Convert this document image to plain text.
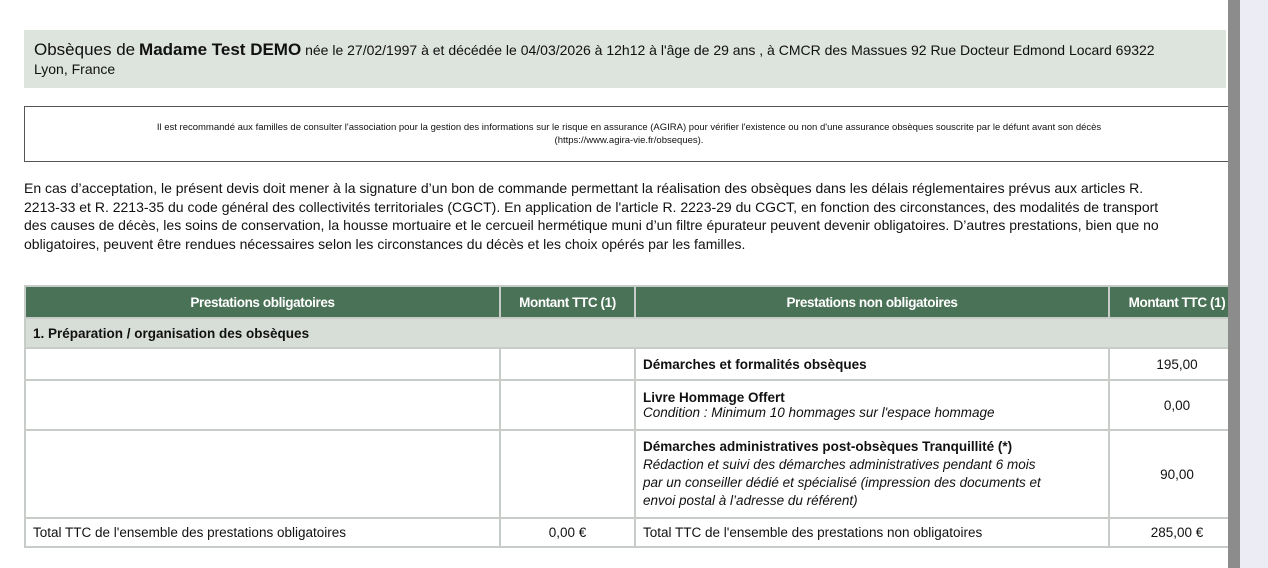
Obsèques de Madame Test DEMO née le 27/02/1997 à et décédée le 04/03/2026 à 12h12 à l'âge de 29 ans , à CMCR des Massues 92 Rue Docteur Edmond Locard 69322
Lyon, France
Il est recommandé aux familles de consulter l'association pour la gestion des informations sur le risque en assurance (AGIRA) pour vérifier l'existence ou non d'une assurance obsèques souscrite par le défunt avant son décès
(https://www.agira-vie.fr/obseques).
En cas d’acceptation, le présent devis doit mener à la signature d’un bon de commande permettant la réalisation des obsèques dans les délais réglementaires prévus aux articles R.
2213-33 et R. 2213-35 du code général des collectivités territoriales (CGCT). En application de l'article R. 2223-29 du CGCT, en fonction des circonstances, des modalités de transport
des causes de décès, les soins de conservation, la housse mortuaire et le cercueil hermétique muni d’un filtre épurateur peuvent devenir obligatoires. D’autres prestations, bien que no
obligatoires, peuvent être rendues nécessaires selon les circonstances du décès et les choix opérés par les familles.
Prestations obligatoires	Montant TTC (1)	Prestations non obligatoires	Montant TTC (1)
1. Préparation / organisation des obsèques			
		Démarches et formalités obsèques	195,00

		Livre Hommage Offert
Condition : Minimum 10 hommages sur l'espace hommage	0,00

		Démarches administratives post-obsèques Tranquillité (*)
Rédaction et suivi des démarches administratives pendant 6 mois
par un conseiller dédié et spécialisé (impression des documents et
envoi postal à l’adresse du référent)	90,00
Total TTC de l'ensemble des prestations obligatoires	0,00 €	Total TTC de l'ensemble des prestations non obligatoires	285,00 €
